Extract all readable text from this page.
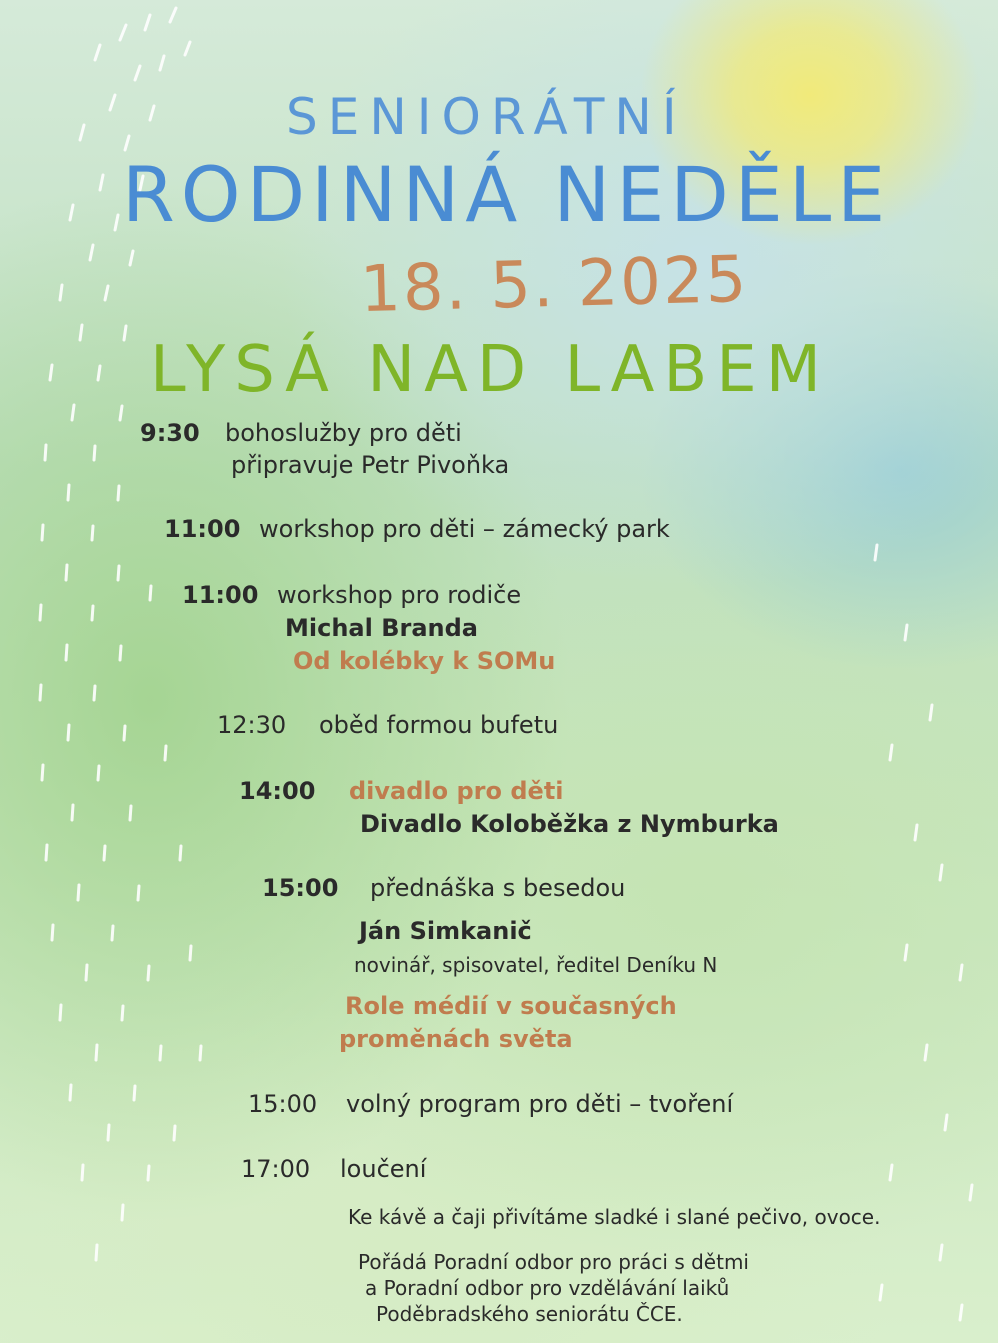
SENIORÁTNÍ
RODINNÁ NEDĚLE
18. 5. 2025
LYSÁ NAD LABEM
9:30 bohoslužby pro děti
připravuje Petr Pivoňka
11:00 workshop pro děti – zámecký park
11:00 workshop pro rodiče
Michal Branda
Od kolébky k SOMu
12:30 oběd formou bufetu
14:00 divadlo pro děti
Divadlo Koloběžka z Nymburka
15:00 přednáška s besedou
Ján Simkanič
novinář, spisovatel, ředitel Deníku N
Role médií v současných
proměnách světa
15:00 volný program pro děti – tvoření
17:00 loučení
Ke kávě a čaji přivítáme sladké i slané pečivo, ovoce.
Pořádá Poradní odbor pro práci s dětmi
a Poradní odbor pro vzdělávání laiků
Poděbradského seniorátu ČCE.
